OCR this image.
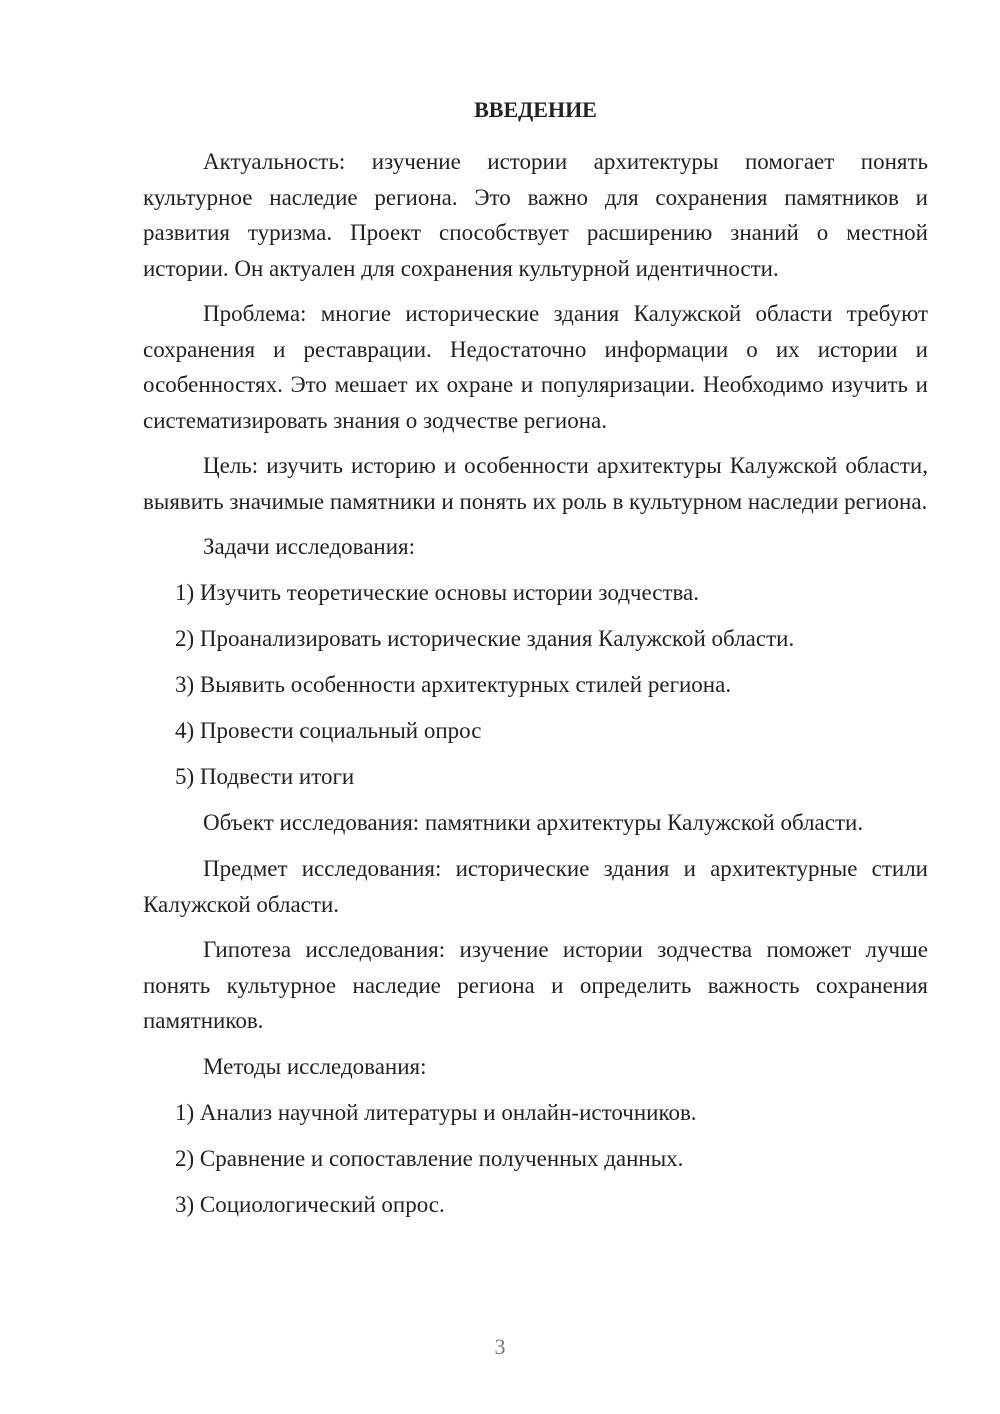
ВВЕДЕНИЕ

Актуальность: изучение истории архитектуры помогает понять культурное наследие региона. Это важно для сохранения памятников и развития туризма. Проект способствует расширению знаний о местной истории. Он актуален для сохранения культурной идентичности.

Проблема: многие исторические здания Калужской области требуют сохранения и реставрации. Недостаточно информации о их истории и особенностях. Это мешает их охране и популяризации. Необходимо изучить и систематизировать знания о зодчестве региона.

Цель: изучить историю и особенности архитектуры Калужской области, выявить значимые памятники и понять их роль в культурном наследии региона.

Задачи исследования:
1) Изучить теоретические основы истории зодчества.
2) Проанализировать исторические здания Калужской области.
3) Выявить особенности архитектурных стилей региона.
4) Провести социальный опрос
5) Подвести итоги
Объект исследования: памятники архитектуры Калужской области.

Предмет исследования: исторические здания и архитектурные стили Калужской области.

Гипотеза исследования: изучение истории зодчества поможет лучше понять культурное наследие региона и определить важность сохранения памятников.

Методы исследования:
1) Анализ научной литературы и онлайн-источников.
2) Сравнение и сопоставление полученных данных.
3) Социологический опрос.
3
